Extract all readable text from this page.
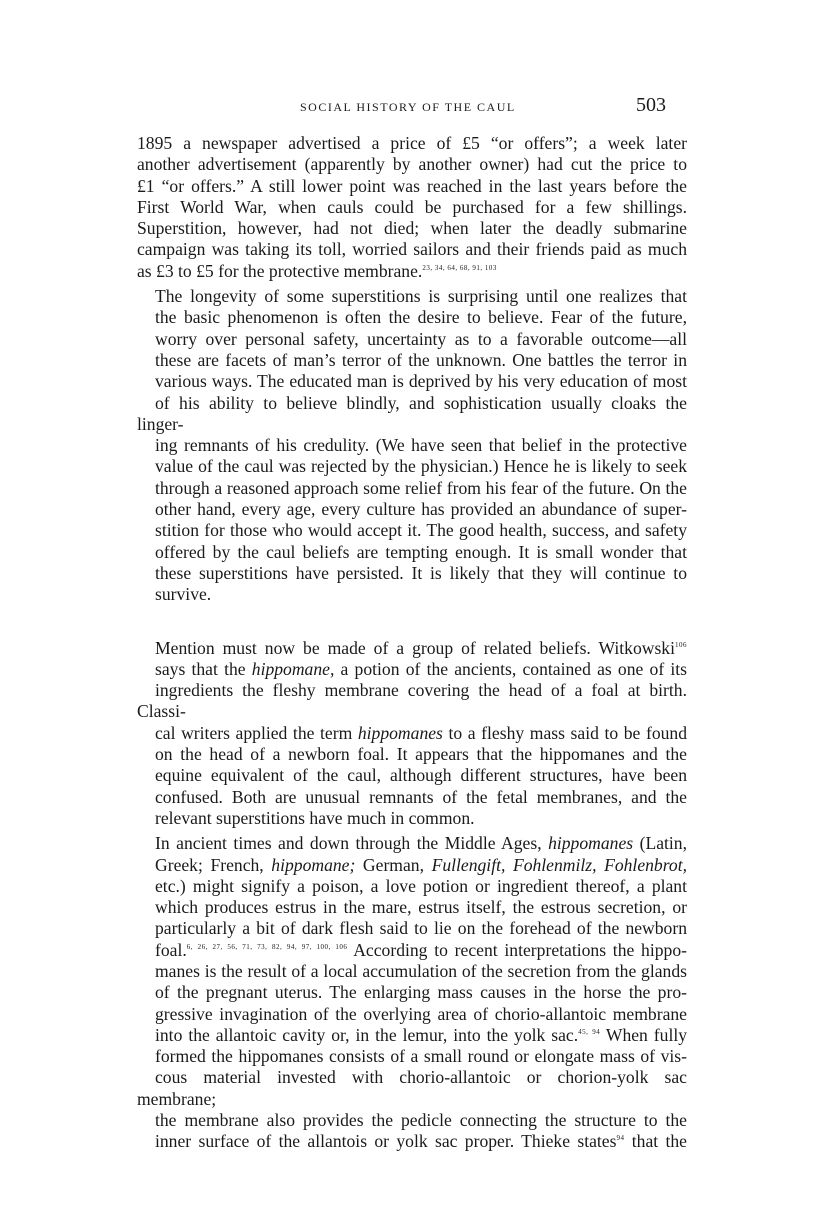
SOCIAL HISTORY OF THE CAUL	503

1895 a newspaper advertised a price of £5 “or offers”; a week later
another advertisement (apparently by another owner) had cut the price to
£1 “or offers.” A still lower point was reached in the last years before the
First World War, when cauls could be purchased for a few shillings.
Superstition, however, had not died; when later the deadly submarine
campaign was taking its toll, worried sailors and their friends paid as much
as £3 to £5 for the protective membrane.$^{23, 34, 64, 68, 91, 103}$

The longevity of some superstitions is surprising until one realizes that
the basic phenomenon is often the desire to believe. Fear of the future,
worry over personal safety, uncertainty as to a favorable outcome—all
these are facets of man’s terror of the unknown. One battles the terror in
various ways. The educated man is deprived by his very education of most
of his ability to believe blindly, and sophistication usually cloaks the linger-
ing remnants of his credulity. (We have seen that belief in the protective
value of the caul was rejected by the physician.) Hence he is likely to seek
through a reasoned approach some relief from his fear of the future. On the
other hand, every age, every culture has provided an abundance of super-
stition for those who would accept it. The good health, success, and safety
offered by the caul beliefs are tempting enough. It is small wonder that
these superstitions have persisted. It is likely that they will continue to
survive.

Mention must now be made of a group of related beliefs. Witkowski$^{106}$
says that the hippomane, a potion of the ancients, contained as one of its
ingredients the fleshy membrane covering the head of a foal at birth. Classi-
cal writers applied the term hippomanes to a fleshy mass said to be found
on the head of a newborn foal. It appears that the hippomanes and the
equine equivalent of the caul, although different structures, have been
confused. Both are unusual remnants of the fetal membranes, and the
relevant superstitions have much in common.

In ancient times and down through the Middle Ages, hippomanes (Latin,
Greek; French, hippomane; German, Fullengift, Fohlenmilz, Fohlenbrot,
etc.) might signify a poison, a love potion or ingredient thereof, a plant
which produces estrus in the mare, estrus itself, the estrous secretion, or
particularly a bit of dark flesh said to lie on the forehead of the newborn
foal.$^{6, 26, 27, 56, 71, 73, 82, 94, 97, 100, 106}$ According to recent interpretations the hippo-
manes is the result of a local accumulation of the secretion from the glands
of the pregnant uterus. The enlarging mass causes in the horse the pro-
gressive invagination of the overlying area of chorio-allantoic membrane
into the allantoic cavity or, in the lemur, into the yolk sac.$^{45, 94}$ When fully
formed the hippomanes consists of a small round or elongate mass of vis-
cous material invested with chorio-allantoic or chorion-yolk sac membrane;
the membrane also provides the pedicle connecting the structure to the
inner surface of the allantois or yolk sac proper. Thieke states$^{94}$ that the
